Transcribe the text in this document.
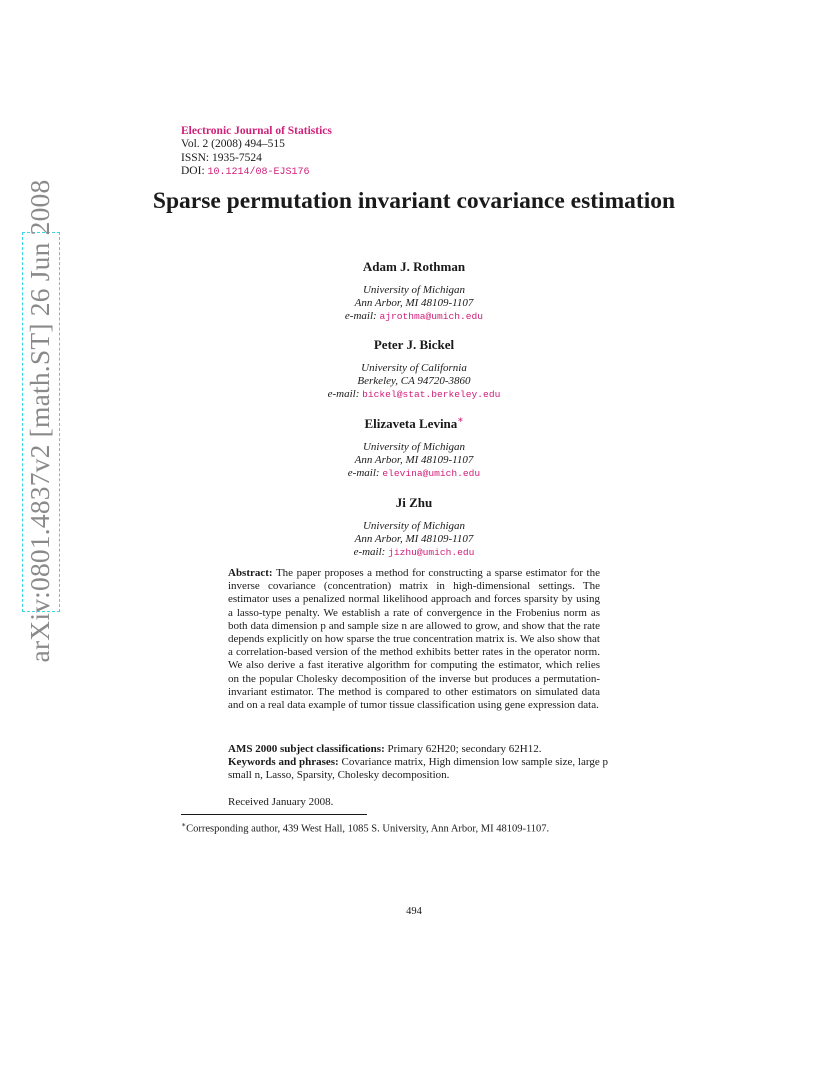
arXiv:0801.4837v2 [math.ST] 26 Jun 2008
Electronic Journal of Statistics
Vol. 2 (2008) 494–515
ISSN: 1935-7524
DOI: 10.1214/08-EJS176
Sparse permutation invariant covariance estimation
Adam J. Rothman
University of Michigan
Ann Arbor, MI 48109-1107
e-mail: ajrothma@umich.edu
Peter J. Bickel
University of California
Berkeley, CA 94720-3860
e-mail: bickel@stat.berkeley.edu
Elizaveta Levina∗
University of Michigan
Ann Arbor, MI 48109-1107
e-mail: elevina@umich.edu
Ji Zhu
University of Michigan
Ann Arbor, MI 48109-1107
e-mail: jizhu@umich.edu

Abstract: The paper proposes a method for constructing a sparse estimator for the inverse covariance (concentration) matrix in high-dimensional settings. The estimator uses a penalized normal likelihood approach and forces sparsity by using a lasso-type penalty. We establish a rate of convergence in the Frobenius norm as both data dimension p and sample size n are allowed to grow, and show that the rate depends explicitly on how sparse the true concentration matrix is. We also show that a correlation-based version of the method exhibits better rates in the operator norm. We also derive a fast iterative algorithm for computing the estimator, which relies on the popular Cholesky decomposition of the inverse but produces a permutation-invariant estimator. The method is compared to other estimators on simulated data and on a real data example of tumor tissue classification using gene expression data.

AMS 2000 subject classifications: Primary 62H20; secondary 62H12.
Keywords and phrases: Covariance matrix, High dimension low sample size, large p small n, Lasso, Sparsity, Cholesky decomposition.
Received January 2008.
∗Corresponding author, 439 West Hall, 1085 S. University, Ann Arbor, MI 48109-1107.
494
